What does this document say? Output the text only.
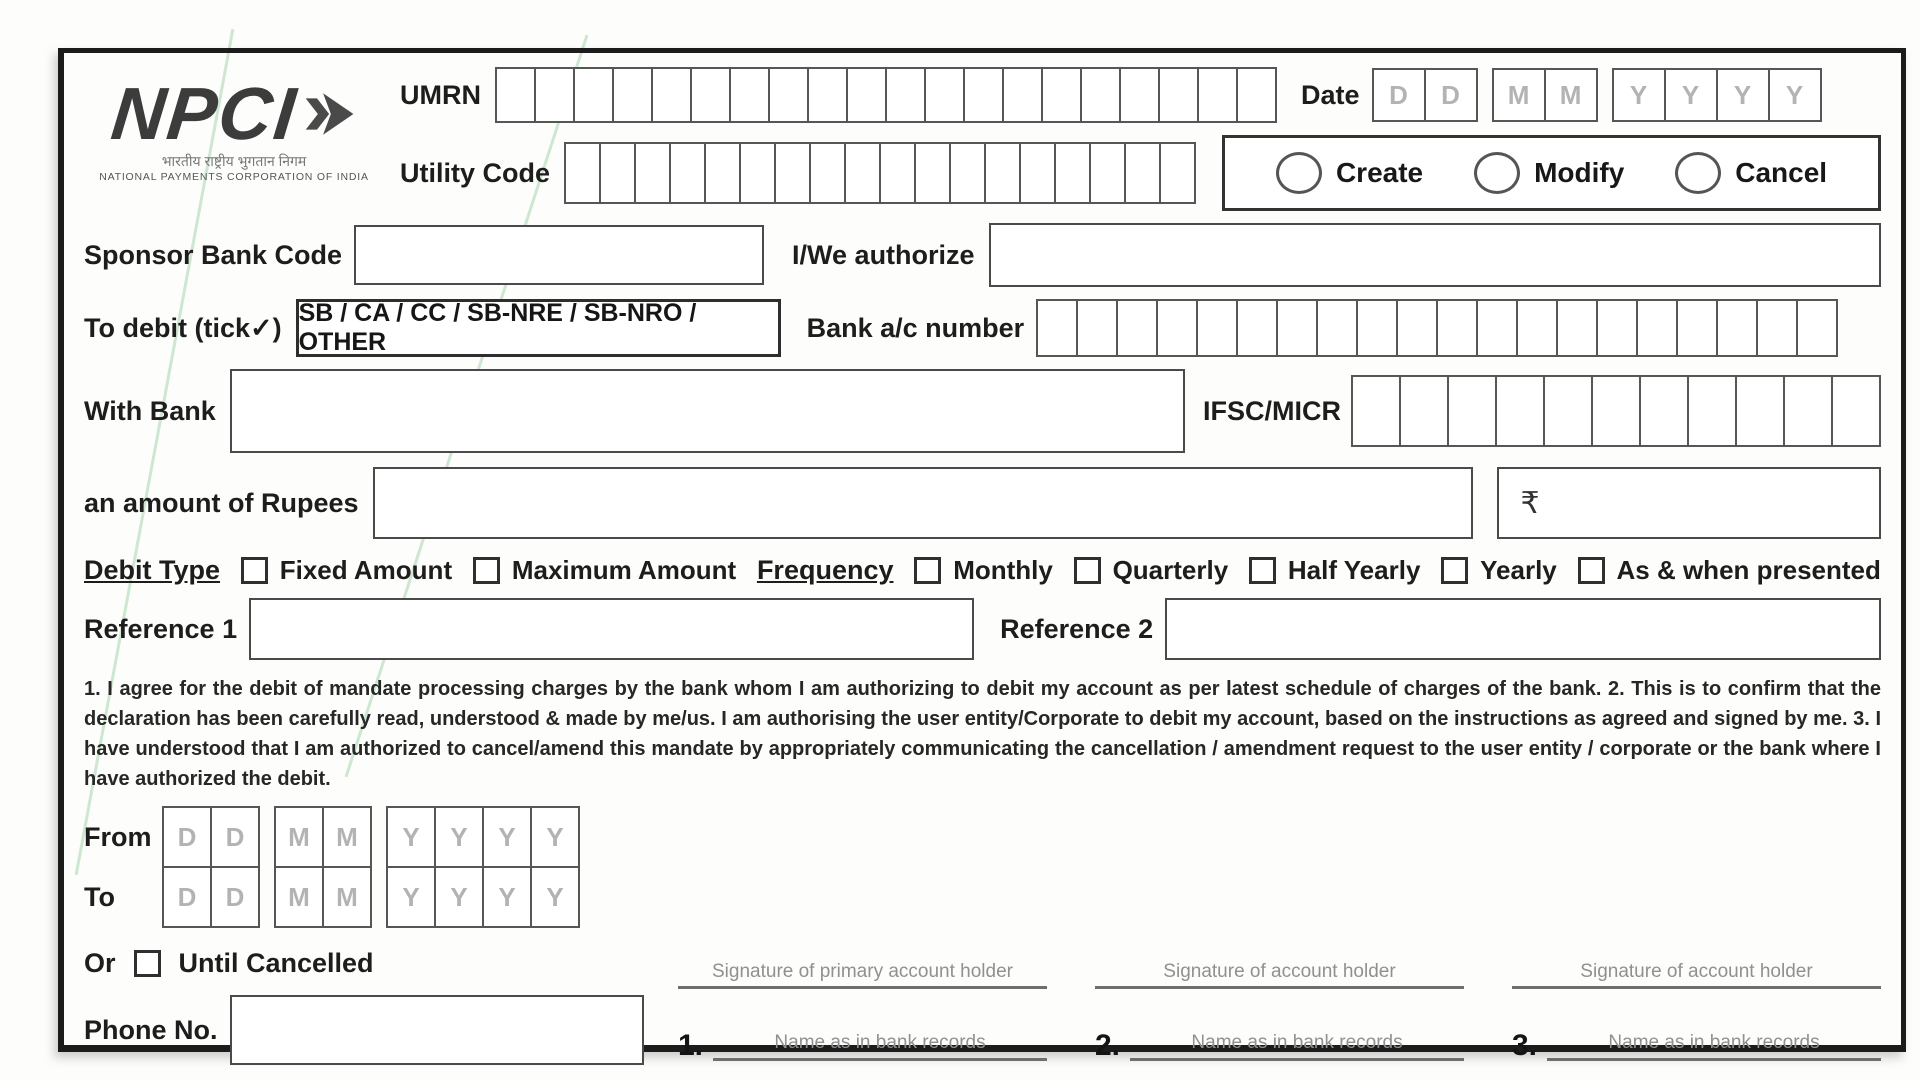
NPCI
भारतीय राष्ट्रीय भुगतान निगम
NATIONAL PAYMENTS CORPORATION OF INDIA
UMRN	Date	D	D	M	M	Y	Y	Y	Y
Utility Code	Create	Modify	Cancel
Sponsor Bank Code	I/We authorize
To debit (tick✓) SB / CA / CC / SB-NRE / SB-NRO / OTHER	Bank a/c number
With Bank	IFSC/MICR
an amount of Rupees	₹
Debit Type Fixed Amount Maximum Amount Frequency Monthly Quarterly Half Yearly Yearly As & when presented
Reference 1	Reference 2
1. I agree for the debit of mandate processing charges by the bank whom I am authorizing to debit my account as per latest schedule of charges of the bank. 2. This is to confirm that the declaration has been carefully read, understood & made by me/us. I am authorising the user entity/Corporate to debit my account, based on the instructions as agreed and signed by me. 3. I have understood that I am authorized to cancel/amend this mandate by appropriately communicating the cancellation / amendment request to the user entity / corporate or the bank where I have authorized the debit.
From	D	D	M	M	Y	Y	Y	Y
To	D	D	M	M	Y	Y	Y	Y
Or Until Cancelled
Phone No.
Signature of primary account holder
1.	Name as in bank records
Signature of account holder
2.	Name as in bank records
Signature of account holder
3.	Name as in bank records
